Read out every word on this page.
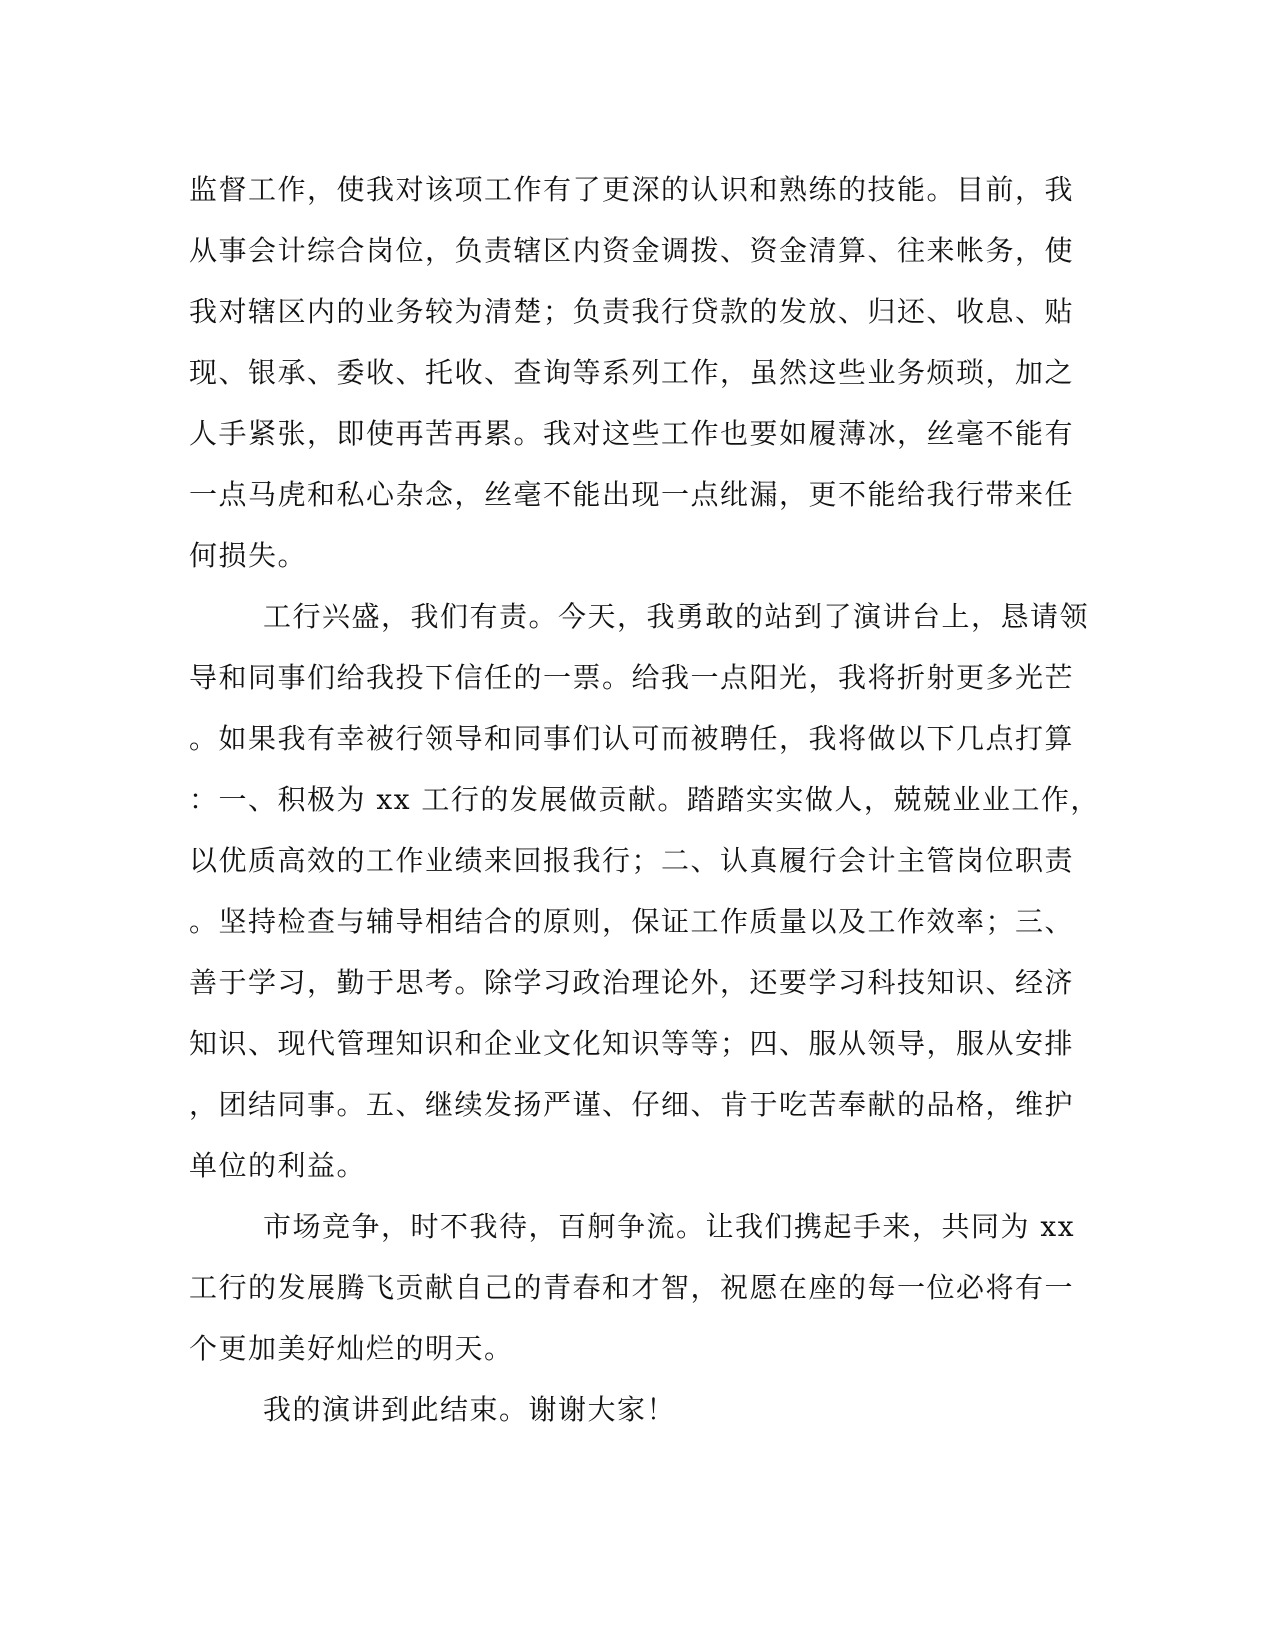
监督工作，使我对该项工作有了更深的认识和熟练的技能。目前，我
从事会计综合岗位，负责辖区内资金调拨、资金清算、往来帐务，使
我对辖区内的业务较为清楚；负责我行贷款的发放、归还、收息、贴
现、银承、委收、托收、查询等系列工作，虽然这些业务烦琐，加之
人手紧张，即使再苦再累。我对这些工作也要如履薄冰，丝毫不能有
一点马虎和私心杂念，丝毫不能出现一点纰漏，更不能给我行带来任
何损失。
工行兴盛，我们有责。今天，我勇敢的站到了演讲台上，恳请领
导和同事们给我投下信任的一票。给我一点阳光，我将折射更多光芒
。如果我有幸被行领导和同事们认可而被聘任，我将做以下几点打算
：一、积极为 xx 工行的发展做贡献。踏踏实实做人，兢兢业业工作，
以优质高效的工作业绩来回报我行；二、认真履行会计主管岗位职责
。坚持检查与辅导相结合的原则，保证工作质量以及工作效率；三、
善于学习，勤于思考。除学习政治理论外，还要学习科技知识、经济
知识、现代管理知识和企业文化知识等等；四、服从领导，服从安排
，团结同事。五、继续发扬严谨、仔细、肯于吃苦奉献的品格，维护
单位的利益。
市场竞争，时不我待，百舸争流。让我们携起手来，共同为 xx
工行的发展腾飞贡献自己的青春和才智，祝愿在座的每一位必将有一
个更加美好灿烂的明天。
我的演讲到此结束。谢谢大家！
